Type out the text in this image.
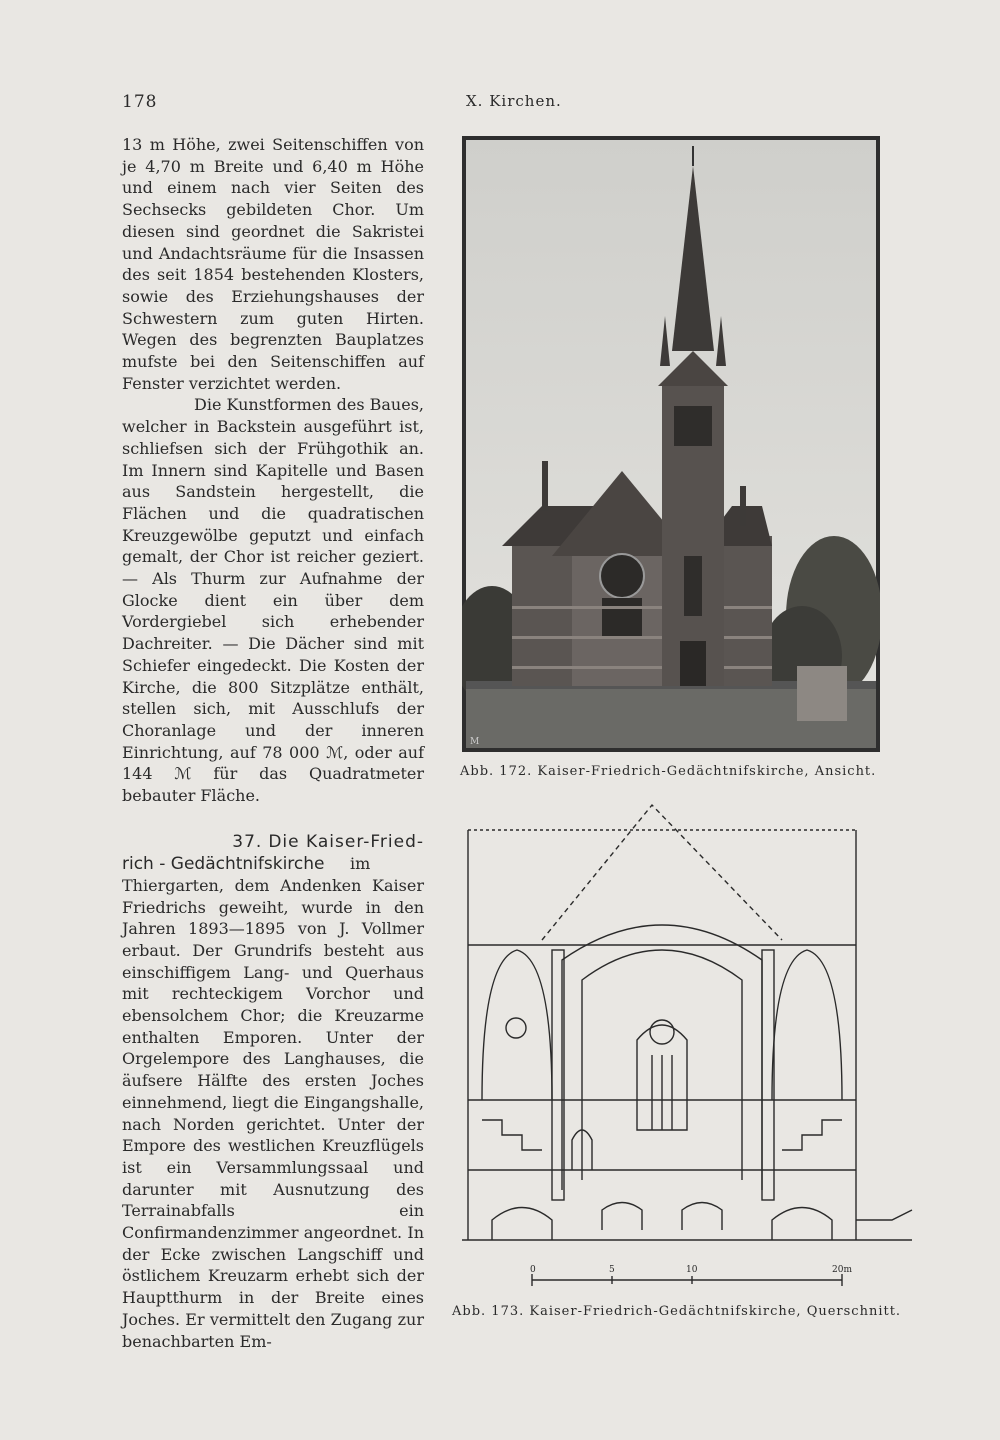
178	X. Kirchen.

13 m Höhe, zwei Seitenschiffen von je 4,70 m Breite und 6,40 m Höhe und einem nach vier Seiten des Sechsecks gebildeten Chor. Um diesen sind geordnet die Sakristei und Andachtsräume für die Insassen des seit 1854 bestehenden Klosters, sowie des Erziehungshauses der Schwestern zum guten Hirten. Wegen des begrenzten Bauplatzes mufste bei den Seitenschiffen auf Fenster verzichtet werden.

Die Kunstformen des Baues, welcher in Backstein ausgeführt ist, schliefsen sich der Frühgothik an. Im Innern sind Kapitelle und Basen aus Sandstein hergestellt, die Flächen und die quadratischen Kreuzgewölbe geputzt und einfach gemalt, der Chor ist reicher geziert. — Als Thurm zur Aufnahme der Glocke dient ein über dem Vordergiebel sich erhebender Dachreiter. — Die Dächer sind mit Schiefer eingedeckt. Die Kosten der Kirche, die 800 Sitzplätze enthält, stellen sich, mit Ausschlufs der Choranlage und der inneren Einrichtung, auf 78 000 ℳ, oder auf 144 ℳ für das Quadratmeter bebauter Fläche.

37. Die Kaiser-Fried-

rich - Gedächtnifskirche im

Thiergarten, dem Andenken Kaiser Friedrichs geweiht, wurde in den Jahren 1893—1895 von J. Vollmer erbaut. Der Grundrifs besteht aus einschiffigem Lang- und Querhaus mit rechteckigem Vorchor und ebensolchem Chor; die Kreuzarme enthalten Emporen. Unter der Orgelempore des Langhauses, die äufsere Hälfte des ersten Joches einnehmend, liegt die Eingangshalle, nach Norden gerichtet. Unter der Empore des westlichen Kreuzflügels ist ein Versammlungssaal und darunter mit Ausnutzung des Terrainabfalls ein Confirmandenzimmer angeordnet. In der Ecke zwischen Langschiff und östlichem Kreuzarm erhebt sich der Hauptthurm in der Breite eines Joches. Er vermittelt den Zugang zur benachbarten Em-

M
Abb. 172. Kaiser-Friedrich-Gedächtnifskirche, Ansicht.
0	5	10	20m
Abb. 173. Kaiser-Friedrich-Gedächtnifskirche, Querschnitt.
